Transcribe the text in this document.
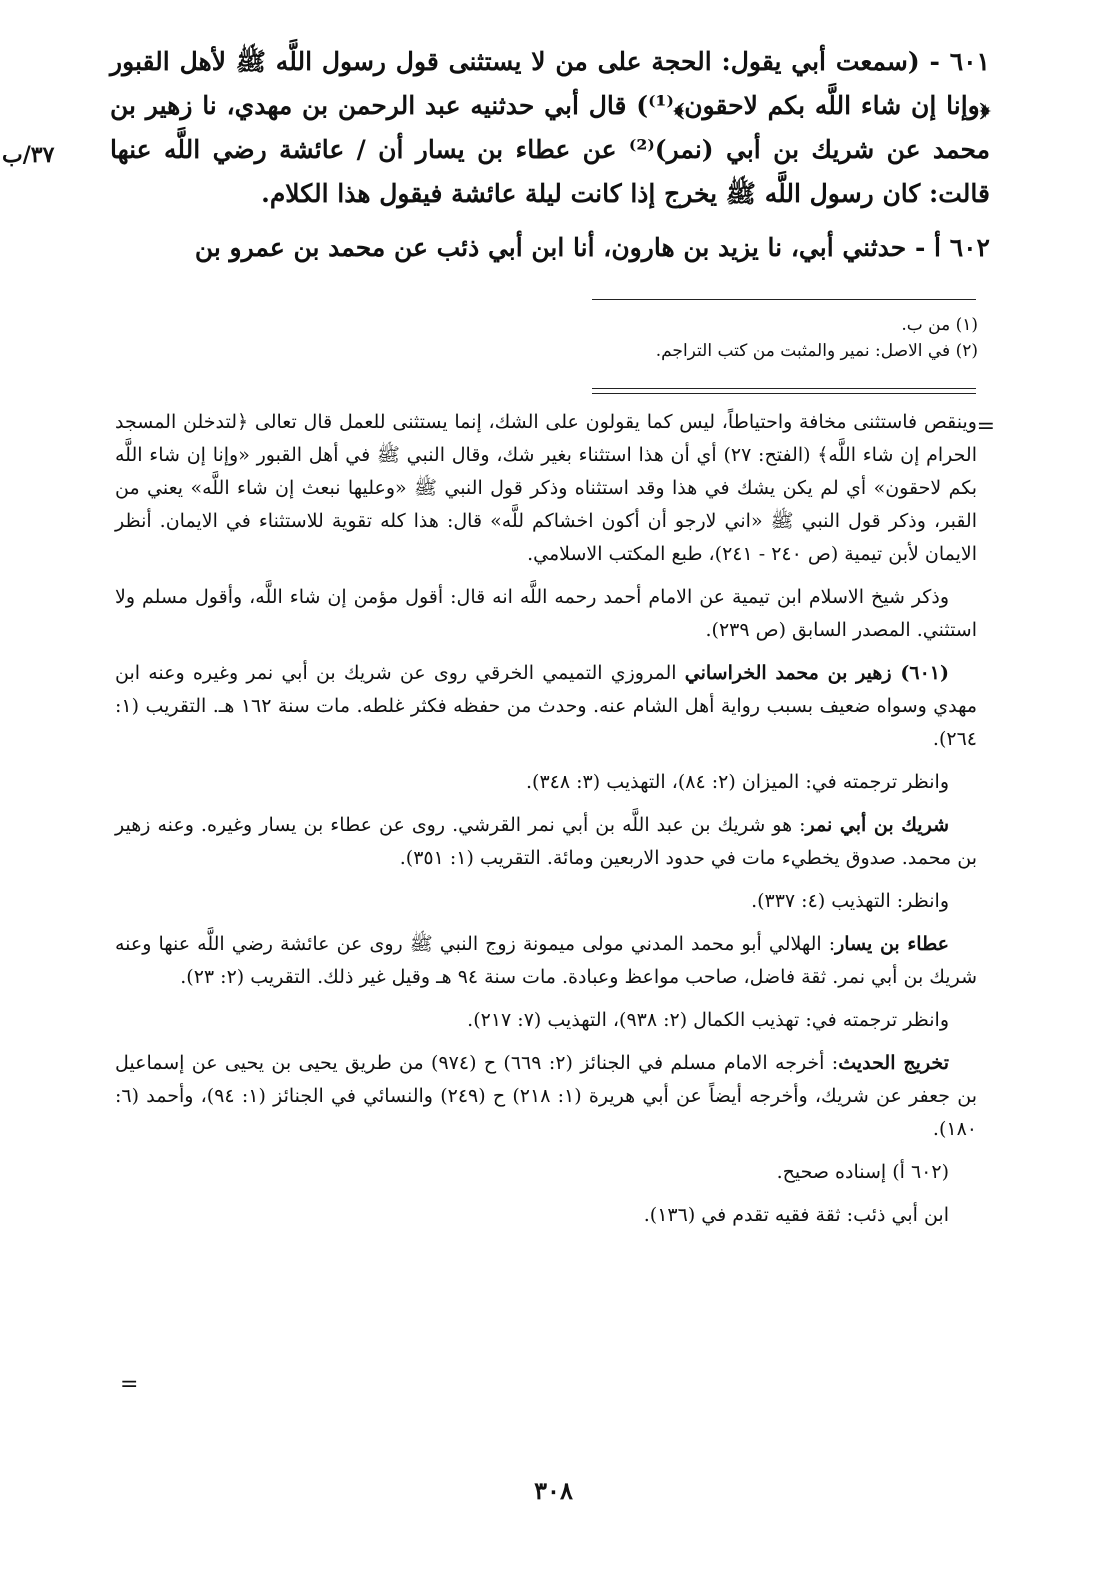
٦٠١ - (سمعت أبي يقول: الحجة على من لا يستثنى قول رسول اللَّه ﷺ لأهل القبور ﴿وإنا إن شاء اللَّه بكم لاحقون﴾⁽¹⁾) قال أبي حدثنيه عبد الرحمن بن مهدي، نا زهير بن محمد عن شريك بن أبي (نمر)⁽²⁾ عن عطاء بن يسار أن / عائشة رضي اللَّه عنها قالت: كان رسول اللَّه ﷺ يخرج إذا كانت ليلة عائشة فيقول هذا الكلام.

٦٠٢ أ - حدثني أبي، نا يزيد بن هارون، أنا ابن أبي ذئب عن محمد بن عمرو بن

٣٧/ب

(١) من ب.

(٢) في الاصل: نمير والمثبت من كتب التراجم.

=

وينقص فاستثنى مخافة واحتياطاً، ليس كما يقولون على الشك، إنما يستثنى للعمل قال تعالى ﴿لتدخلن المسجد الحرام إن شاء اللَّه﴾ (الفتح: ٢٧) أي أن هذا استثناء بغير شك، وقال النبي ﷺ في أهل القبور «وإنا إن شاء اللَّه بكم لاحقون» أي لم يكن يشك في هذا وقد استثناه وذكر قول النبي ﷺ «وعليها نبعث إن شاء اللَّه» يعني من القبر، وذكر قول النبي ﷺ «اني لارجو أن أكون اخشاكم للَّه» قال: هذا كله تقوية للاستثناء في الايمان. أنظر الايمان لأبن تيمية (ص ٢٤٠ - ٢٤١)، طبع المكتب الاسلامي.

وذكر شيخ الاسلام ابن تيمية عن الامام أحمد رحمه اللَّه انه قال: أقول مؤمن إن شاء اللَّه، وأقول مسلم ولا استثني. المصدر السابق (ص ٢٣٩).

(٦٠١) زهير بن محمد الخراساني المروزي التميمي الخرقي روى عن شريك بن أبي نمر وغيره وعنه ابن مهدي وسواه ضعيف بسبب رواية أهل الشام عنه. وحدث من حفظه فكثر غلطه. مات سنة ١٦٢ هـ. التقريب (١: ٢٦٤).

وانظر ترجمته في: الميزان (٢: ٨٤)، التهذيب (٣: ٣٤٨).

شريك بن أبي نمر: هو شريك بن عبد اللَّه بن أبي نمر القرشي. روى عن عطاء بن يسار وغيره. وعنه زهير بن محمد. صدوق يخطيء مات في حدود الاربعين ومائة. التقريب (١: ٣٥١).

وانظر: التهذيب (٤: ٣٣٧).

عطاء بن يسار: الهلالي أبو محمد المدني مولى ميمونة زوج النبي ﷺ روى عن عائشة رضي اللَّه عنها وعنه شريك بن أبي نمر. ثقة فاضل، صاحب مواعظ وعبادة. مات سنة ٩٤ هـ وقيل غير ذلك. التقريب (٢: ٢٣).

وانظر ترجمته في: تهذيب الكمال (٢: ٩٣٨)، التهذيب (٧: ٢١٧).

تخريج الحديث: أخرجه الامام مسلم في الجنائز (٢: ٦٦٩) ح (٩٧٤) من طريق يحيى بن يحيى عن إسماعيل بن جعفر عن شريك، وأخرجه أيضاً عن أبي هريرة (١: ٢١٨) ح (٢٤٩) والنسائي في الجنائز (١: ٩٤)، وأحمد (٦: ١٨٠).

(٦٠٢ أ) إسناده صحيح.

ابن أبي ذئب: ثقة فقيه تقدم في (١٣٦).

=
٣٠٨
